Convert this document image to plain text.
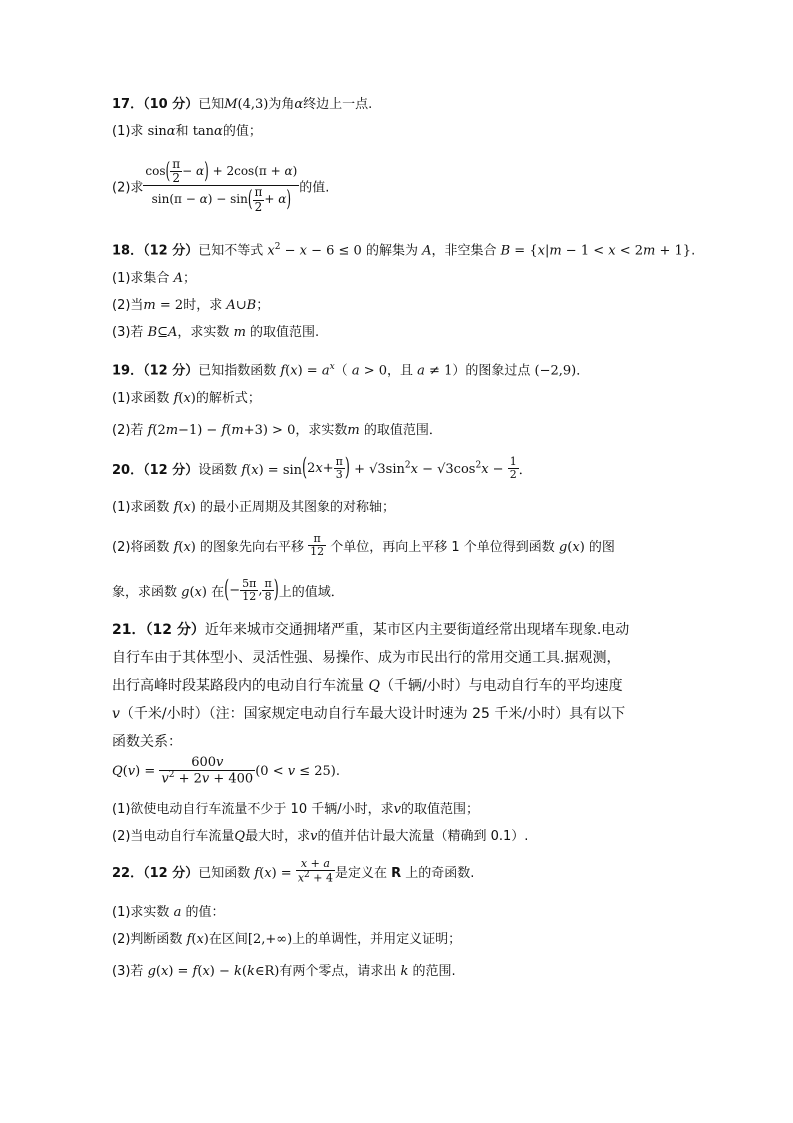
17．（10 分）已知M(4,3)为角α终边上一点.
(1)求 sinα和 tanα的值；
(2)求 $\frac{\cos( \frac{\pi}{2} - \alpha) + 2\cos(\pi + \alpha)}{\sin(\pi - \alpha) - \sin( \frac{\pi}{2} + \alpha)}$ 的值.
18．（12 分）已知不等式 $x^2 - x - 6 \le 0$ 的解集为 A，非空集合 B = {x|m − 1 < x < 2m + 1}.
(1)求集合 A；
(2)当m = 2时，求 A∪B；
(3)若 B⊆A，求实数 m 的取值范围.
19．（12 分）已知指数函数 $f(x) = a^x$（ a > 0，且 a ≠ 1）的图象过点 (−2,9)．
(1)求函数 f(x)的解析式；
(2)若 f(2m−1) − f(m+3) > 0，求实数m 的取值范围．
20．（12 分）设函数 $f(x) = \sin(2x+ \frac{\pi}{3}$ ) + $√3\sin^2x - √3\cos^2x - \frac{1}{2}$ ．
(1)求函数 f(x) 的最小正周期及其图象的对称轴；
(2)将函数 f(x) 的图象先向右平移 $\frac{\pi}{12}$ 个单位，再向上平移 1 个单位得到函数 g(x) 的图
象，求函数 g(x) 在(− $\frac{5\pi}{12}$ , $\frac{\pi}{8}$ )上的值域．
21．（12 分）近年来城市交通拥堵严重，某市区内主要街道经常出现堵车现象.电动
自行车由于其体型小、灵活性强、易操作、成为市民出行的常用交通工具.据观测，
出行高峰时段某路段内的电动自行车流量 Q（千辆/小时）与电动自行车的平均速度
v（千米/小时）（注：国家规定电动自行车最大设计时速为 25 千米/小时）具有以下
函数关系：
$Q(v) = \frac{600v}{v^2 + 2v + 400} (0 < v \le 25)$.
(1)欲使电动自行车流量不少于 10 千辆/小时，求v的取值范围；
(2)当电动自行车流量Q最大时，求v的值并估计最大流量（精确到 0.1）.
22．（12 分）已知函数 $f(x) = \frac{x + a}{x^2 + 4}$ 是定义在 R 上的奇函数.
(1)求实数 a 的值：
(2)判断函数 f(x)在区间[2,+∞)上的单调性，并用定义证明；
(3)若 g(x) = f(x) − k(k∈R)有两个零点，请求出 k 的范围.
